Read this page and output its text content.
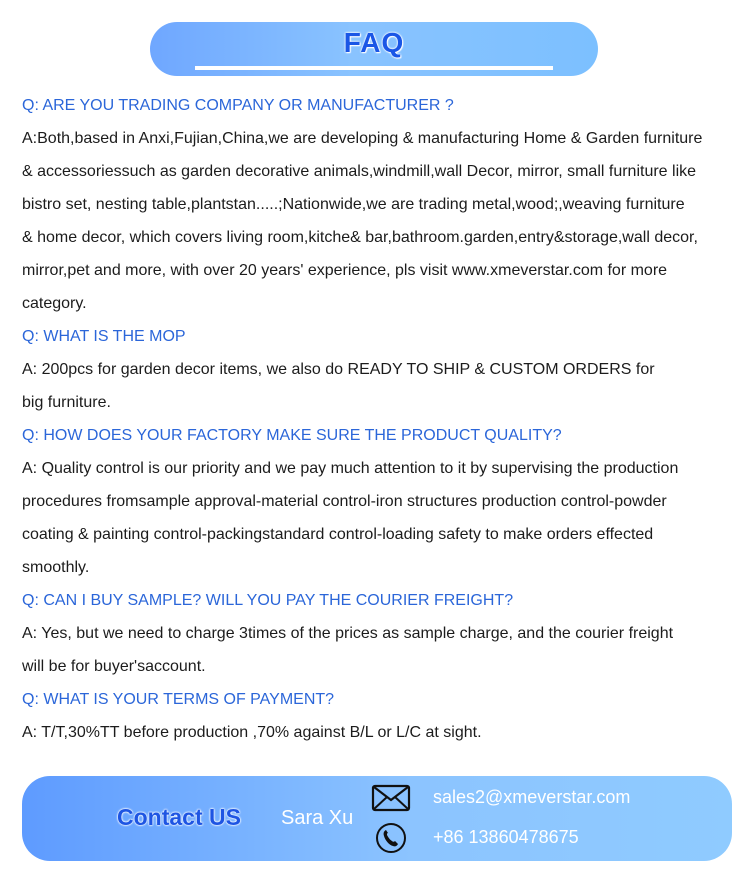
FAQ

Q: ARE YOU TRADING COMPANY OR MANUFACTURER ?

A:Both,based in Anxi,Fujian,China,we are developing & manufacturing Home & Garden furniture

& accessoriessuch as garden decorative animals,windmill,wall Decor, mirror, small furniture like

bistro set, nesting table,plantstan.....;Nationwide,we are trading metal,wood;,weaving furniture

& home decor, which covers living room,kitche& bar,bathroom.garden,entry&storage,wall decor,

mirror,pet and more, with over 20 years' experience, pls visit www.xmeverstar.com for more

category.

Q: WHAT IS THE MOP

A: 200pcs for garden decor items, we also do READY TO SHIP & CUSTOM ORDERS for

big furniture.

Q: HOW DOES YOUR FACTORY MAKE SURE THE PRODUCT QUALITY?

A: Quality control is our priority and we pay much attention to it by supervising the production

procedures fromsample approval-material control-iron structures production control-powder

coating & painting control-packingstandard control-loading safety to make orders effected

smoothly.

Q: CAN I BUY SAMPLE? WILL YOU PAY THE COURIER FREIGHT?

A: Yes, but we need to charge 3times of the prices as sample charge, and the courier freight

will be for buyer'saccount.

Q: WHAT IS YOUR TERMS OF PAYMENT?

A: T/T,30%TT before production ,70% against B/L or L/C at sight.

Contact US Sara Xu
sales2@xmeverstar.com
+86 13860478675
